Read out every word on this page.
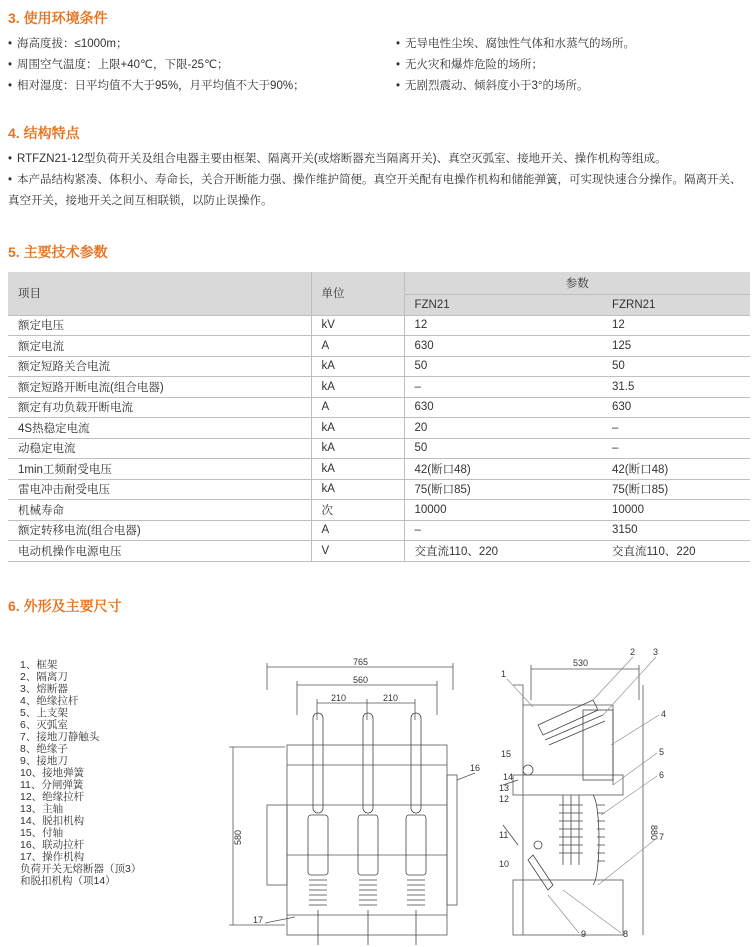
3. 使用环境条件
• 海高度拔：≤1000m；
• 周围空气温度：上限+40℃，下限-25℃；
• 相对湿度：日平均值不大于95%，月平均值不大于90%；
• 无导电性尘埃、腐蚀性气体和水蒸气的场所。
• 无火灾和爆炸危险的场所；
• 无剧烈震动、倾斜度小于3°的场所。
4. 结构特点
• RTFZN21-12型负荷开关及组合电器主要由框架、隔离开关(或熔断器充当隔离开关)、真空灭弧室、接地开关、操作机构等组成。
• 本产品结构紧凑、体积小、寿命长，关合开断能力强、操作维护简便。真空开关配有电操作机构和储能弹簧，可实现快速合分操作。隔离开关、真空开关，接地开关之间互相联锁，以防止误操作。
5. 主要技术参数
项目	单位	参数	
		FZN21	FZRN21
额定电压	kV	12	12
额定电流	A	630	125
额定短路关合电流	kA	50	50
额定短路开断电流(组合电器)	kA	–	31.5
额定有功负载开断电流	A	630	630
4S热稳定电流	kA	20	–
动稳定电流	kA	50	–
1min工频耐受电压	kA	42(断口48)	42(断口48)
雷电冲击耐受电压	kA	75(断口85)	75(断口85)
机械寿命	次	10000	10000
额定转移电流(组合电器)	A	–	3150
电动机操作电源电压	V	交直流110、220	交直流110、220
6. 外形及主要尺寸
1、框架
2、隔离刀
3、熔断器
4、绝缘拉杆
5、上支架
6、灭弧室
7、接地刀静触头
8、绝缘子
9、接地刀
10、接地弹簧
11、分闸弹簧
12、绝缘拉杆
13、主轴
14、脱扣机构
15、付轴
16、联动拉杆
17、操作机构
负荷开关无熔断器（顶3）
和脱扣机构（项14）
765
560
210	210
580
16
17
530
880
1
2 3
4
5
6
7
8
9
10
11
12
13
14
15
